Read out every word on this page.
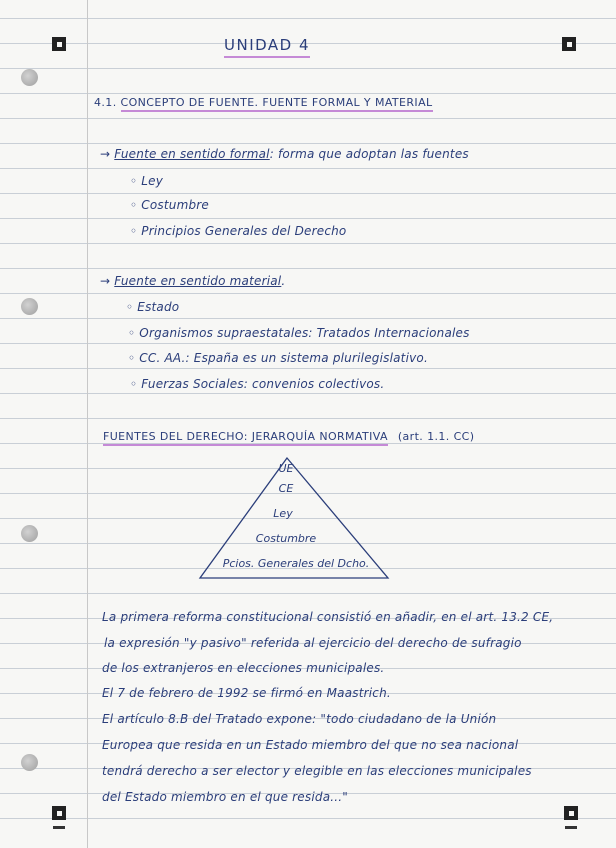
UNIDAD 4
4.1. CONCEPTO DE FUENTE. FUENTE FORMAL Y MATERIAL
→ Fuente en sentido formal: forma que adoptan las fuentes
◦ Ley
◦ Costumbre
◦ Principios Generales del Derecho
→ Fuente en sentido material.
◦ Estado
◦ Organismos supraestatales: Tratados Internacionales
◦ CC. AA.: España es un sistema plurilegislativo.
◦ Fuerzas Sociales: convenios colectivos.
FUENTES DEL DERECHO: JERARQUÍA NORMATIVA (art. 1.1. CC)
UE
CE
Ley
Costumbre
Pcios. Generales del Dcho.
La primera reforma constitucional consistió en añadir, en el art. 13.2 CE,
la expresión "y pasivo" referida al ejercicio del derecho de sufragio
de los extranjeros en elecciones municipales.
El 7 de febrero de 1992 se firmó en Maastrich.
El artículo 8.B del Tratado expone: "todo ciudadano de la Unión
Europea que resida en un Estado miembro del que no sea nacional
tendrá derecho a ser elector y elegible en las elecciones municipales
del Estado miembro en el que resida..."
